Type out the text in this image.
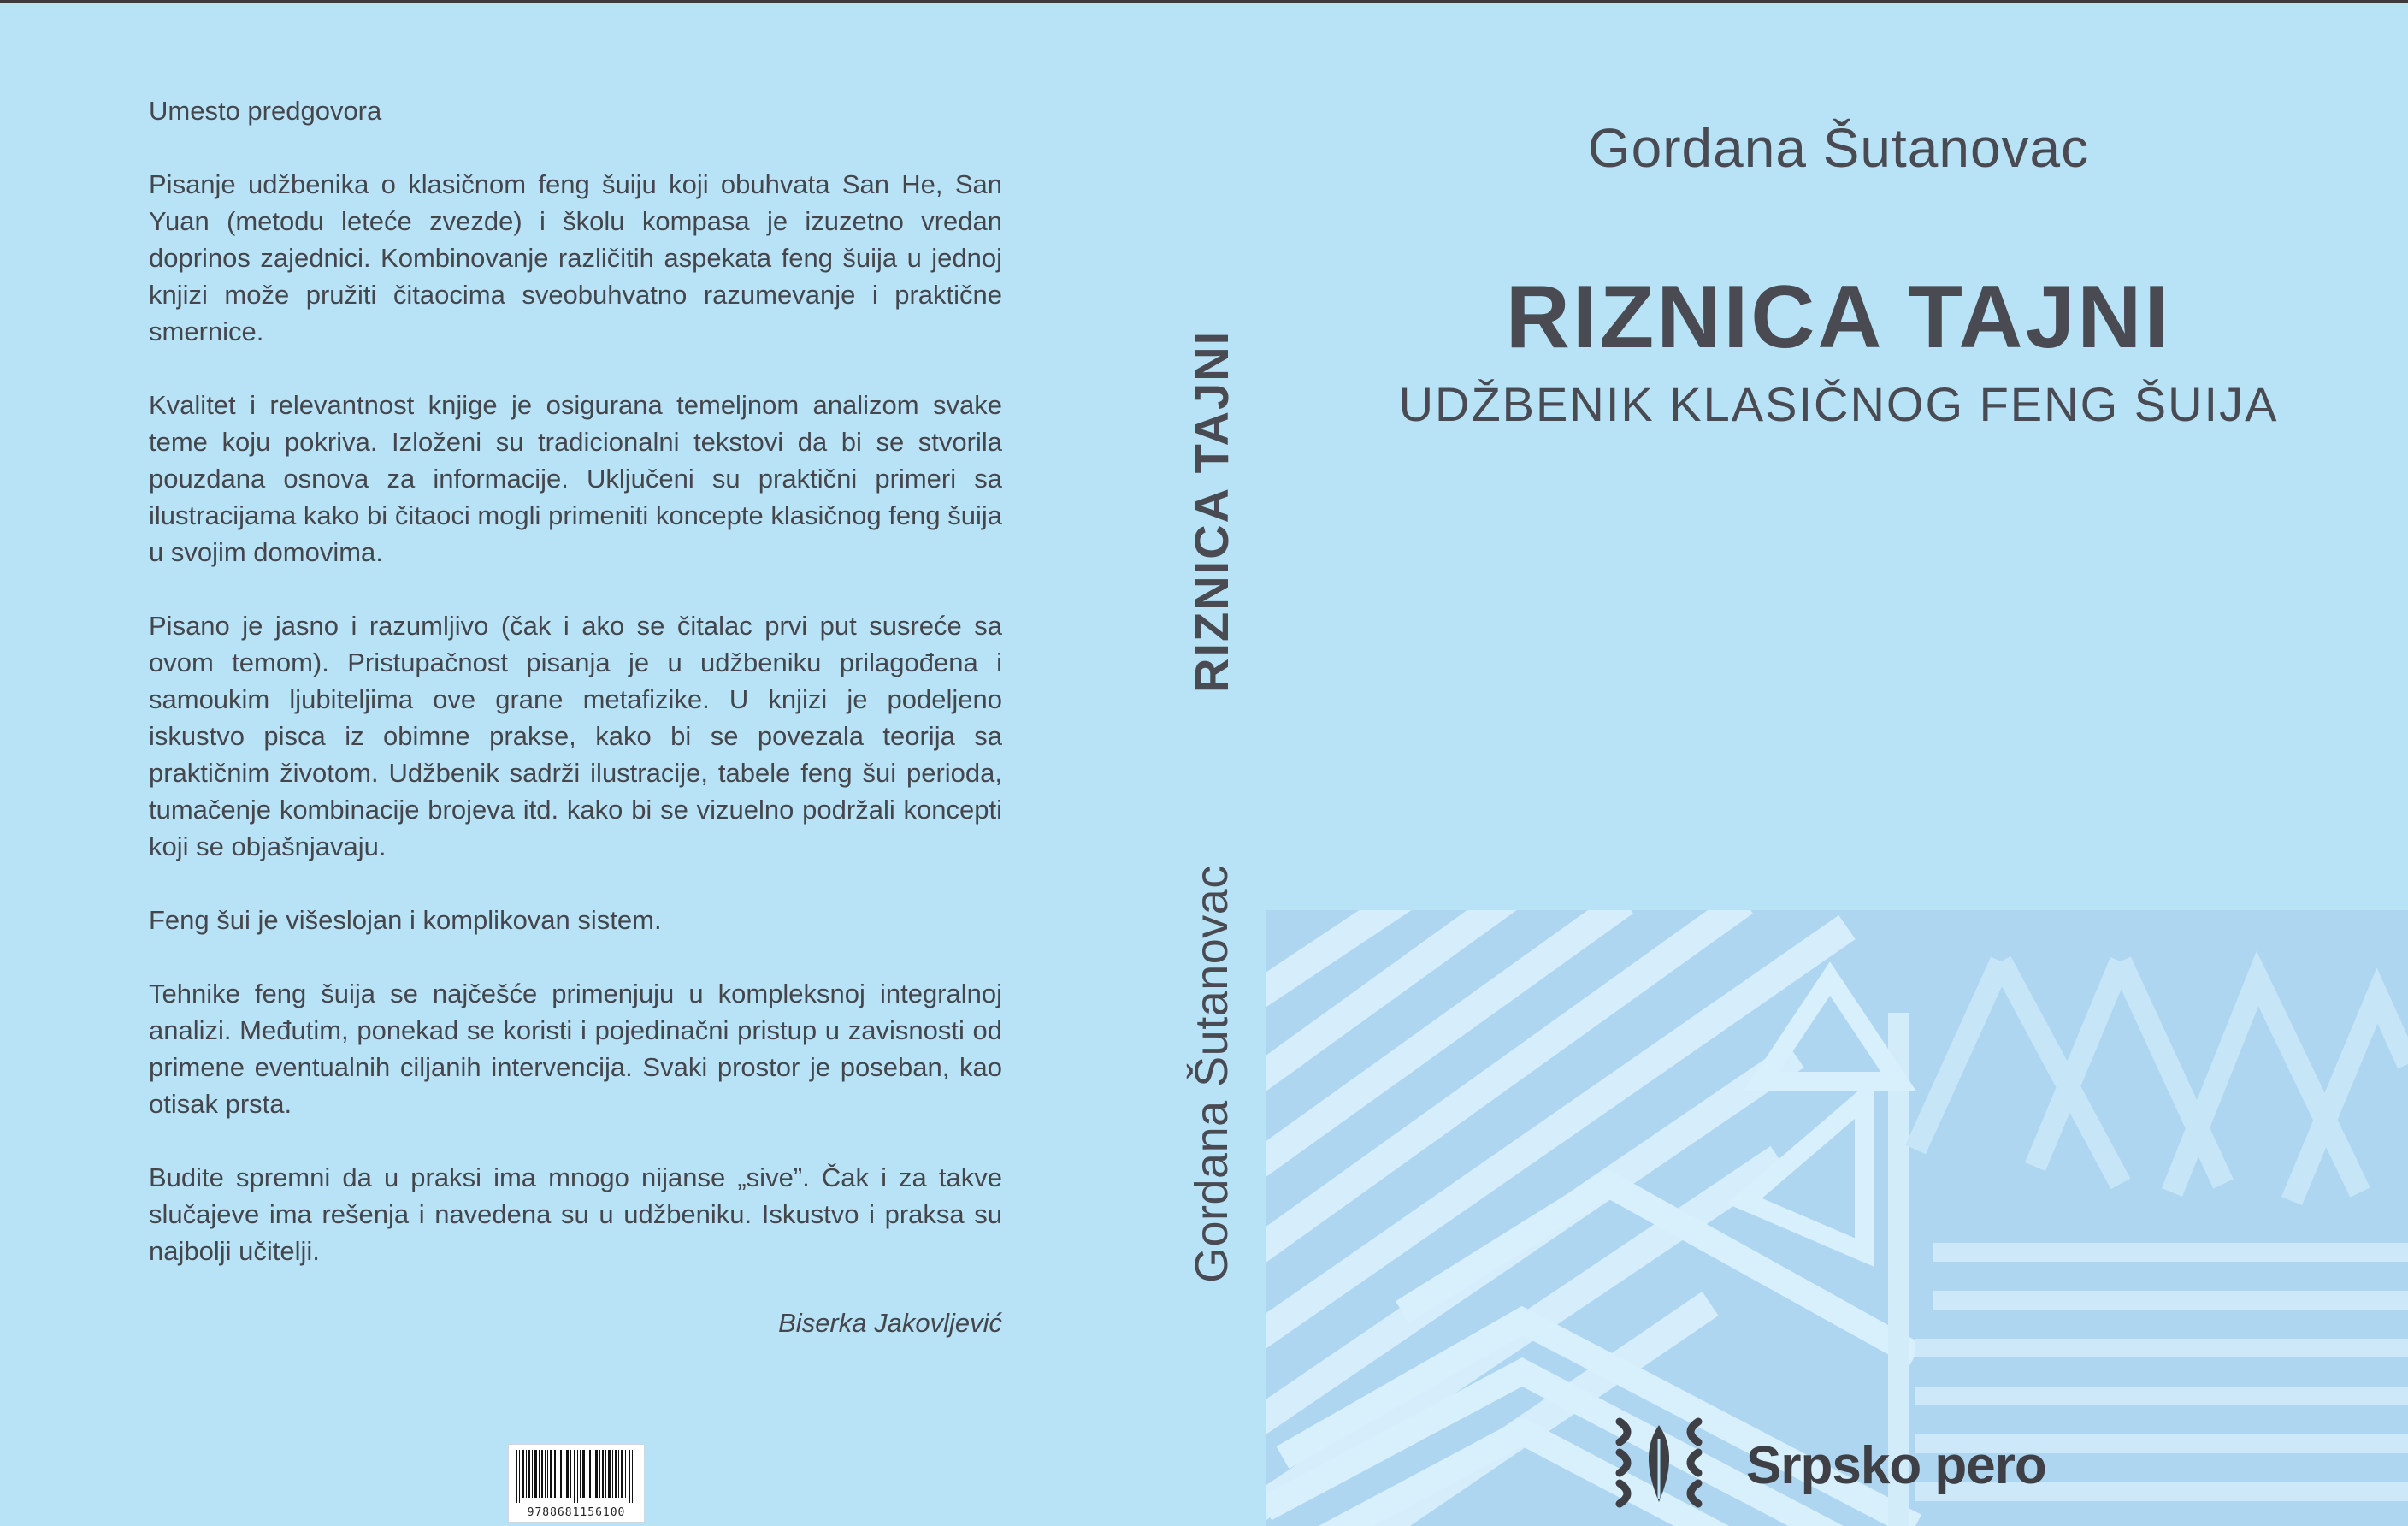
Umesto predgovora

Pisanje udžbenika o klasičnom feng šuiju koji obuhvata San He, San Yuan (metodu leteće zvezde) i školu kompasa je izuzetno vredan doprinos zajednici. Kombinovanje različitih aspekata feng šuija u jednoj knjizi može pružiti čitaocima sveobuhvatno razumevanje i praktične smernice.

Kvalitet i relevantnost knjige je osigurana temeljnom analizom svake teme koju pokriva. Izloženi su tradicionalni tekstovi da bi se stvorila pouzdana osnova za informacije. Uključeni su praktični primeri sa ilustracijama kako bi čitaoci mogli primeniti koncepte klasičnog feng šuija u svojim domovima.

Pisano je jasno i razumljivo (čak i ako se čitalac prvi put susreće sa ovom temom). Pristupačnost pisanja je u udžbeniku prilagođena i samoukim ljubiteljima ove grane metafizike. U knjizi je podeljeno iskustvo pisca iz obimne prakse, kako bi se povezala teorija sa praktičnim životom. Udžbenik sadrži ilustracije, tabele feng šui perioda, tumačenje kombinacije brojeva itd. kako bi se vizuelno podržali koncepti koji se objašnjavaju.

Feng šui je višeslojan i komplikovan sistem.

Tehnike feng šuija se najčešće primenjuju u kompleksnoj integralnoj analizi. Međutim, ponekad se koristi i pojedinačni pristup u zavisnosti od primene eventualnih ciljanih intervencija. Svaki prostor je poseban, kao otisak prsta.

Budite spremni da u praksi ima mnogo nijanse „sive”. Čak i za takve slučajeve ima rešenja i navedena su u udžbeniku. Iskustvo i praksa su najbolji učitelji.

Biserka Jakovljević

9788681156100
RIZNICA TAJNI
Gordana Šutanovac
Gordana Šutanovac
RIZNICA TAJNI
UDŽBENIK KLASIČNOG FENG ŠUIJA
Srpsko pero
